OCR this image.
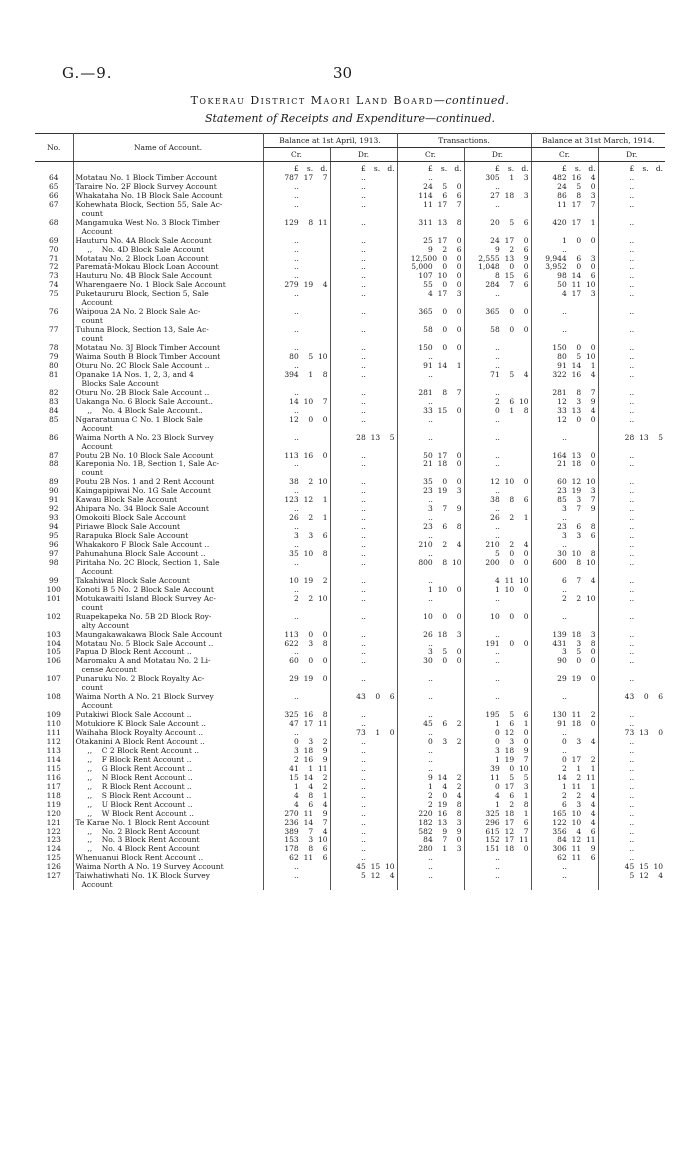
G.—9.	30
Tokerau District Maori Land Board—continued.
Statement of Receipts and Expenditure—continued.
No.	Name of Account.	Balance at 1st April, 1913.		Transactions.		Balance at 31st March, 1914.	
		Cr.	Dr.	Cr.	Dr.	Cr.	Dr.
		£ s. d.	£ s. d.	£ s. d.	£ s. d.	£ s. d.	£ s. d.
64	Motatau No. 1 Block Timber Account	787 17 7	..	..	305 1 3	482 16 4	..
65	Taraire No. 2F Block Survey Account	..	..	24 5 0	..	24 5 0	..
66	Whakataha No. 1B Block Sale Account	..	..	114 6 6	27 18 3	86 8 3	..
67	Kohewhata Block, Section 55, Sale Ac-
count	..	..	11 17 7	..	11 17 7	..
68	Mangamuka West No. 3 Block Timber
Account	129 8 11	..	311 13 8	20 5 6	420 17 1	..
69	Hauturu No. 4A Block Sale Account	..	..	25 17 0	24 17 0	1 0 0	..
70	,,    No. 4D Block Sale Account	..	..	9 2 6	9 2 6	..	..
71	Motatau No. 2 Block Loan Account	..	..	12,500 0 0	2,555 13 9	9,944 6 3	..
72	Parematā-Mokau Block Loan Account	..	..	5,000 0 0	1,048 0 0	3,952 0 0	..
73	Hauturu No. 4B Block Sale Account	..	..	107 10 0	8 15 6	98 14 6	..
74	Wharengaere No. 1 Block Sale Account	279 19 4	..	55 0 0	284 7 6	50 11 10	..
75	Puketaururu Block, Section 5, Sale
Account	..	..	4 17 3	..	4 17 3	..
76	Waipoua 2A No. 2 Block Sale Ac-
count	..	..	365 0 0	365 0 0	..	..
77	Tuhuna Block, Section 13, Sale Ac-
count	..	..	58 0 0	58 0 0	..	..
78	Motatau No. 3J Block Timber Account	..	..	150 0 0	..	150 0 0	..
79	Waima South B Block Timber Account	80 5 10	..	..	..	80 5 10	..
80	Oturu No. 2C Block Sale Account ..	..	..	91 14 1	..	91 14 1	..
81	Opanake 1A Nos. 1, 2, 3, and 4
Blocks Sale Account	394 1 8	..	..	71 5 4	322 16 4	..
82	Oturu No. 2B Block Sale Account ..	..	..	281 8 7	..	281 8 7	..
83	Uakanga No. 6 Block Sale Account..	14 10 7	..	..	2 6 10	12 3 9	..
84	,,    No. 4 Block Sale Account..	..	..	33 15 0	0 1 8	33 13 4	..
85	Ngararatunua C No. 1 Block Sale
Account	12 0 0	..	..	..	12 0 0	..
86	Waima North A No. 23 Block Survey
Account	..	28 13 5	..	..	..	28 13 5
87	Poutu 2B No. 10 Block Sale Account	113 16 0	..	50 17 0	..	164 13 0	..
88	Kareponia No. 1B, Section 1, Sale Ac-
count	..	..	21 18 0	..	21 18 0	..
89	Poutu 2B Nos. 1 and 2 Rent Account	38 2 10	..	35 0 0	12 10 0	60 12 10	..
90	Kaingapipiwai No. 1G Sale Account	..	..	23 19 3	..	23 19 3	..
91	Kawau Block Sale Account	123 12 1	..	..	38 8 6	85 3 7	..
92	Ahipara No. 34 Block Sale Account	..	..	3 7 9	..	3 7 9	..
93	Omokoiti Block Sale Account	26 2 1	..	..	26 2 1	..	..
94	Piriawe Block Sale Account	..	..	23 6 8	..	23 6 8	..
95	Rarapuka Block Sale Account	3 3 6	..	..	..	3 3 6	..
96	Whakakoro F Block Sale Account ..	..	..	210 2 4	210 2 4	..	..
97	Pahunahuna Block Sale Account ..	35 10 8	..	..	5 0 0	30 10 8	..
98	Piritaha No. 2C Block, Section 1, Sale
Account	..	..	800 8 10	200 0 0	600 8 10	..
99	Takahiwai Block Sale Account	10 19 2	..	..	4 11 10	6 7 4	..
100	Konoti B 5 No. 2 Block Sale Account	..	..	1 10 0	1 10 0	..	..
101	Motukawaiti Island Block Survey Ac-
count	2 2 10	..	..	..	2 2 10	..
102	Ruapekapeka No. 5B 2D Block Roy-
alty Account	..	..	10 0 0	10 0 0	..	..
103	Maungakawakawa Block Sale Account	113 0 0	..	26 18 3	..	139 18 3	..
104	Motatau No. 5 Block Sale Account ..	622 3 8	..	..	191 0 0	431 3 8	..
105	Papua D Block Rent Account ..	..	..	3 5 0	..	3 5 0	..
106	Maromaku A and Motatau No. 2 Li-
cense Account	60 0 0	..	30 0 0	..	90 0 0	..
107	Punaruku No. 2 Block Royalty Ac-
count	29 19 0	..	..	..	29 19 0	..
108	Waima North A No. 21 Block Survey
Account	..	43 0 6	..	..	..	43 0 6
109	Putakiwi Block Sale Account ..	325 16 8	..	..	195 5 6	130 11 2	..
110	Motukiore K Block Sale Account ..	47 17 11	..	45 6 2	1 6 1	91 18 0	..
111	Waihaha Block Royalty Account ..	..	73 1 0	..	0 12 0	..	73 13 0
112	Otakanini A Block Rent Account ..	0 3 2	..	0 3 2	0 3 0	0 3 4	..
113	,,    C 2 Block Rent Account ..	3 18 9	..	..	3 18 9	..	..
114	,,    F Block Rent Account ..	2 16 9	..	..	1 19 7	0 17 2	..
115	,,    G Block Rent Account ..	41 1 11	..	..	39 0 10	2 1 1	..
116	,,    N Block Rent Account ..	15 14 2	..	9 14 2	11 5 5	14 2 11	..
117	,,    R Block Rent Account ..	1 4 2	..	1 4 2	0 17 3	1 11 1	..
118	,,    S Block Rent Account ..	4 8 1	..	2 0 4	4 6 1	2 2 4	..
119	,,    U Block Rent Account ..	4 6 4	..	2 19 8	1 2 8	6 3 4	..
120	,,    W Block Rent Account ..	270 11 9	..	220 16 8	325 18 1	165 10 4	..
121	Te Karae No. 1 Block Rent Account	236 14 7	..	182 13 3	296 17 6	122 10 4	..
122	,,    No. 2 Block Rent Account	389 7 4	..	582 9 9	615 12 7	356 4 6	..
123	,,    No. 3 Block Rent Account	153 3 10	..	84 7 0	152 17 11	84 12 11	..
124	,,    No. 4 Block Rent Account	178 8 6	..	280 1 3	151 18 0	306 11 9	..
125	Whenuanui Block Rent Account ..	62 11 6	..	..	..	62 11 6	..
126	Waima North A No. 19 Survey Account	..	45 15 10	..	..	..	45 15 10
127	Taiwhatiwhati No. 1K Block Survey
Account	..	5 12 4	..	..	..	5 12 4
